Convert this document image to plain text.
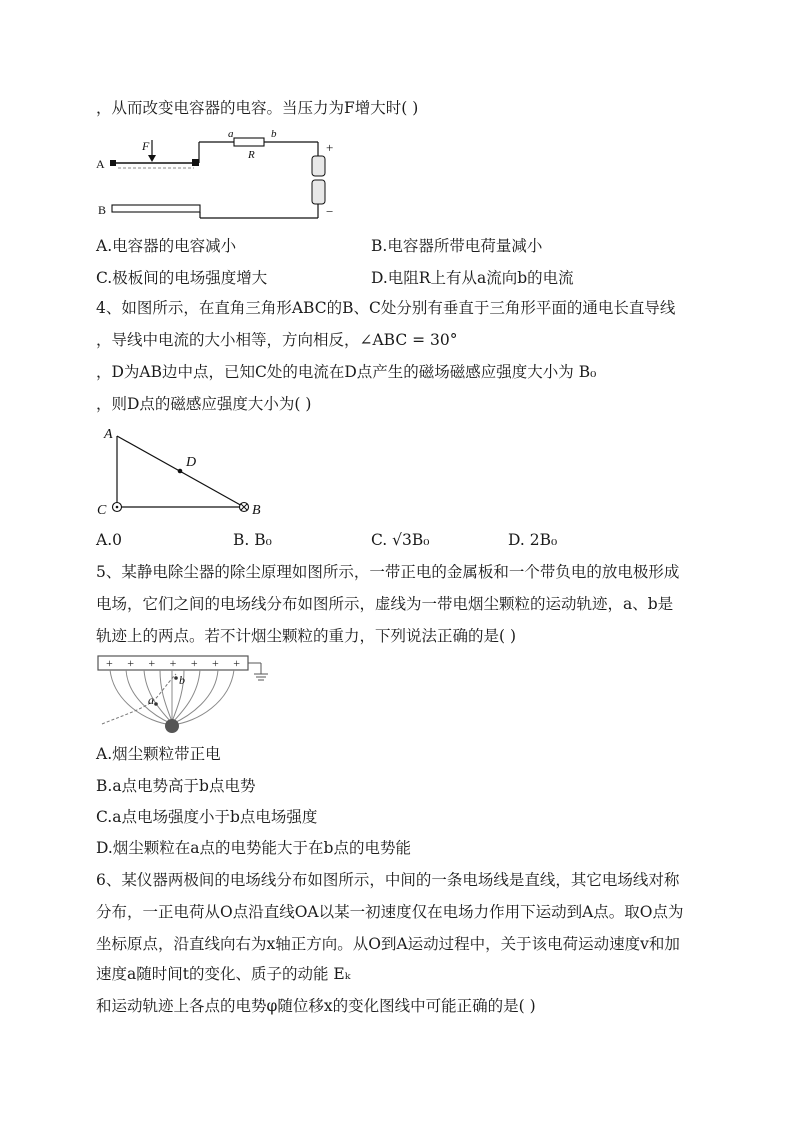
，从而改变电容器的电容。当压力为F增大时( )
F
A
a	b
R	+
−
B
A.电容器的电容减小	B.电容器所带电荷量减小
C.极板间的电场强度增大	D.电阻R上有从a流向b的电流
4、如图所示，在直角三角形ABC的B、C处分别有垂直于三角形平面的通电长直导线
，导线中电流的大小相等，方向相反，∠ABC = 30°
，D为AB边中点，已知C处的电流在D点产生的磁场磁感应强度大小为 B₀
，则D点的磁感应强度大小为( )
A
D
C	B
A.0	B. B₀	C. √3B₀	D. 2B₀
5、某静电除尘器的除尘原理如图所示，一带正电的金属板和一个带负电的放电极形成
电场，它们之间的电场线分布如图所示，虚线为一带电烟尘颗粒的运动轨迹，a、b是
轨迹上的两点。若不计烟尘颗粒的重力，下列说法正确的是( )
+ + + + + + +
a
b
A.烟尘颗粒带正电
B.a点电势高于b点电势
C.a点电场强度小于b点电场强度
D.烟尘颗粒在a点的电势能大于在b点的电势能
6、某仪器两极间的电场线分布如图所示，中间的一条电场线是直线，其它电场线对称
分布，一正电荷从O点沿直线OA以某一初速度仅在电场力作用下运动到A点。取O点为
坐标原点，沿直线向右为x轴正方向。从O到A运动过程中，关于该电荷运动速度v和加
速度a随时间t的变化、质子的动能 Eₖ
和运动轨迹上各点的电势φ随位移x的变化图线中可能正确的是( )
